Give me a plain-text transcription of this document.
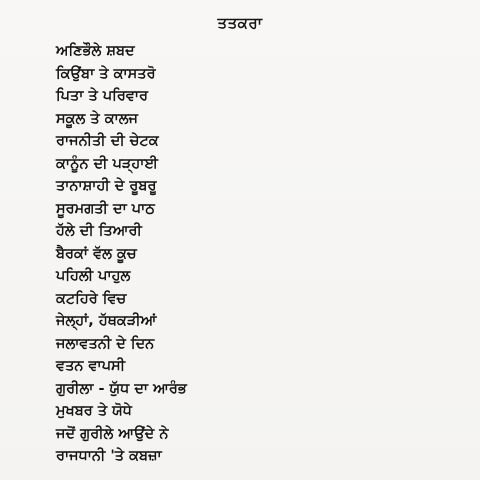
ਤਤਕਰਾ
ਅਣਿਭੌਲੇ ਸ਼ਬਦ
ਕਿਉਂਬਾ ਤੇ ਕਾਸਤਰੋ
ਪਿਤਾ ਤੇ ਪਰਿਵਾਰ
ਸਕੂਲ ਤੇ ਕਾਲਜ
ਰਾਜਨੀਤੀ ਦੀ ਚੇਟਕ
ਕਾਨੂੰਨ ਦੀ ਪੜ੍ਹਾਈ
ਤਾਨਾਸ਼ਾਹੀ ਦੇ ਰੂਬਰੂ
ਸੂਰਮਗਤੀ ਦਾ ਪਾਠ
ਹੱਲੇ ਦੀ ਤਿਆਰੀ
ਬੈਰਕਾਂ ਵੱਲ ਕੂਚ
ਪਹਿਲੀ ਪਾਹੁਲ
ਕਟਹਿਰੇ ਵਿਚ
ਜੇਲ੍ਹਾਂ, ਹੱਥਕੜੀਆਂ
ਜਲਾਵਤਨੀ ਦੇ ਦਿਨ
ਵਤਨ ਵਾਪਸੀ
ਗੁਰੀਲਾ - ਯੁੱਧ ਦਾ ਆਰੰਭ
ਮੁਖਬਰ ਤੇ ਯੋਧੇ
ਜਦੋਂ ਗੁਰੀਲੇ ਆਉਂਦੇ ਨੇ
ਰਾਜਧਾਨੀ 'ਤੇ ਕਬਜ਼ਾ
